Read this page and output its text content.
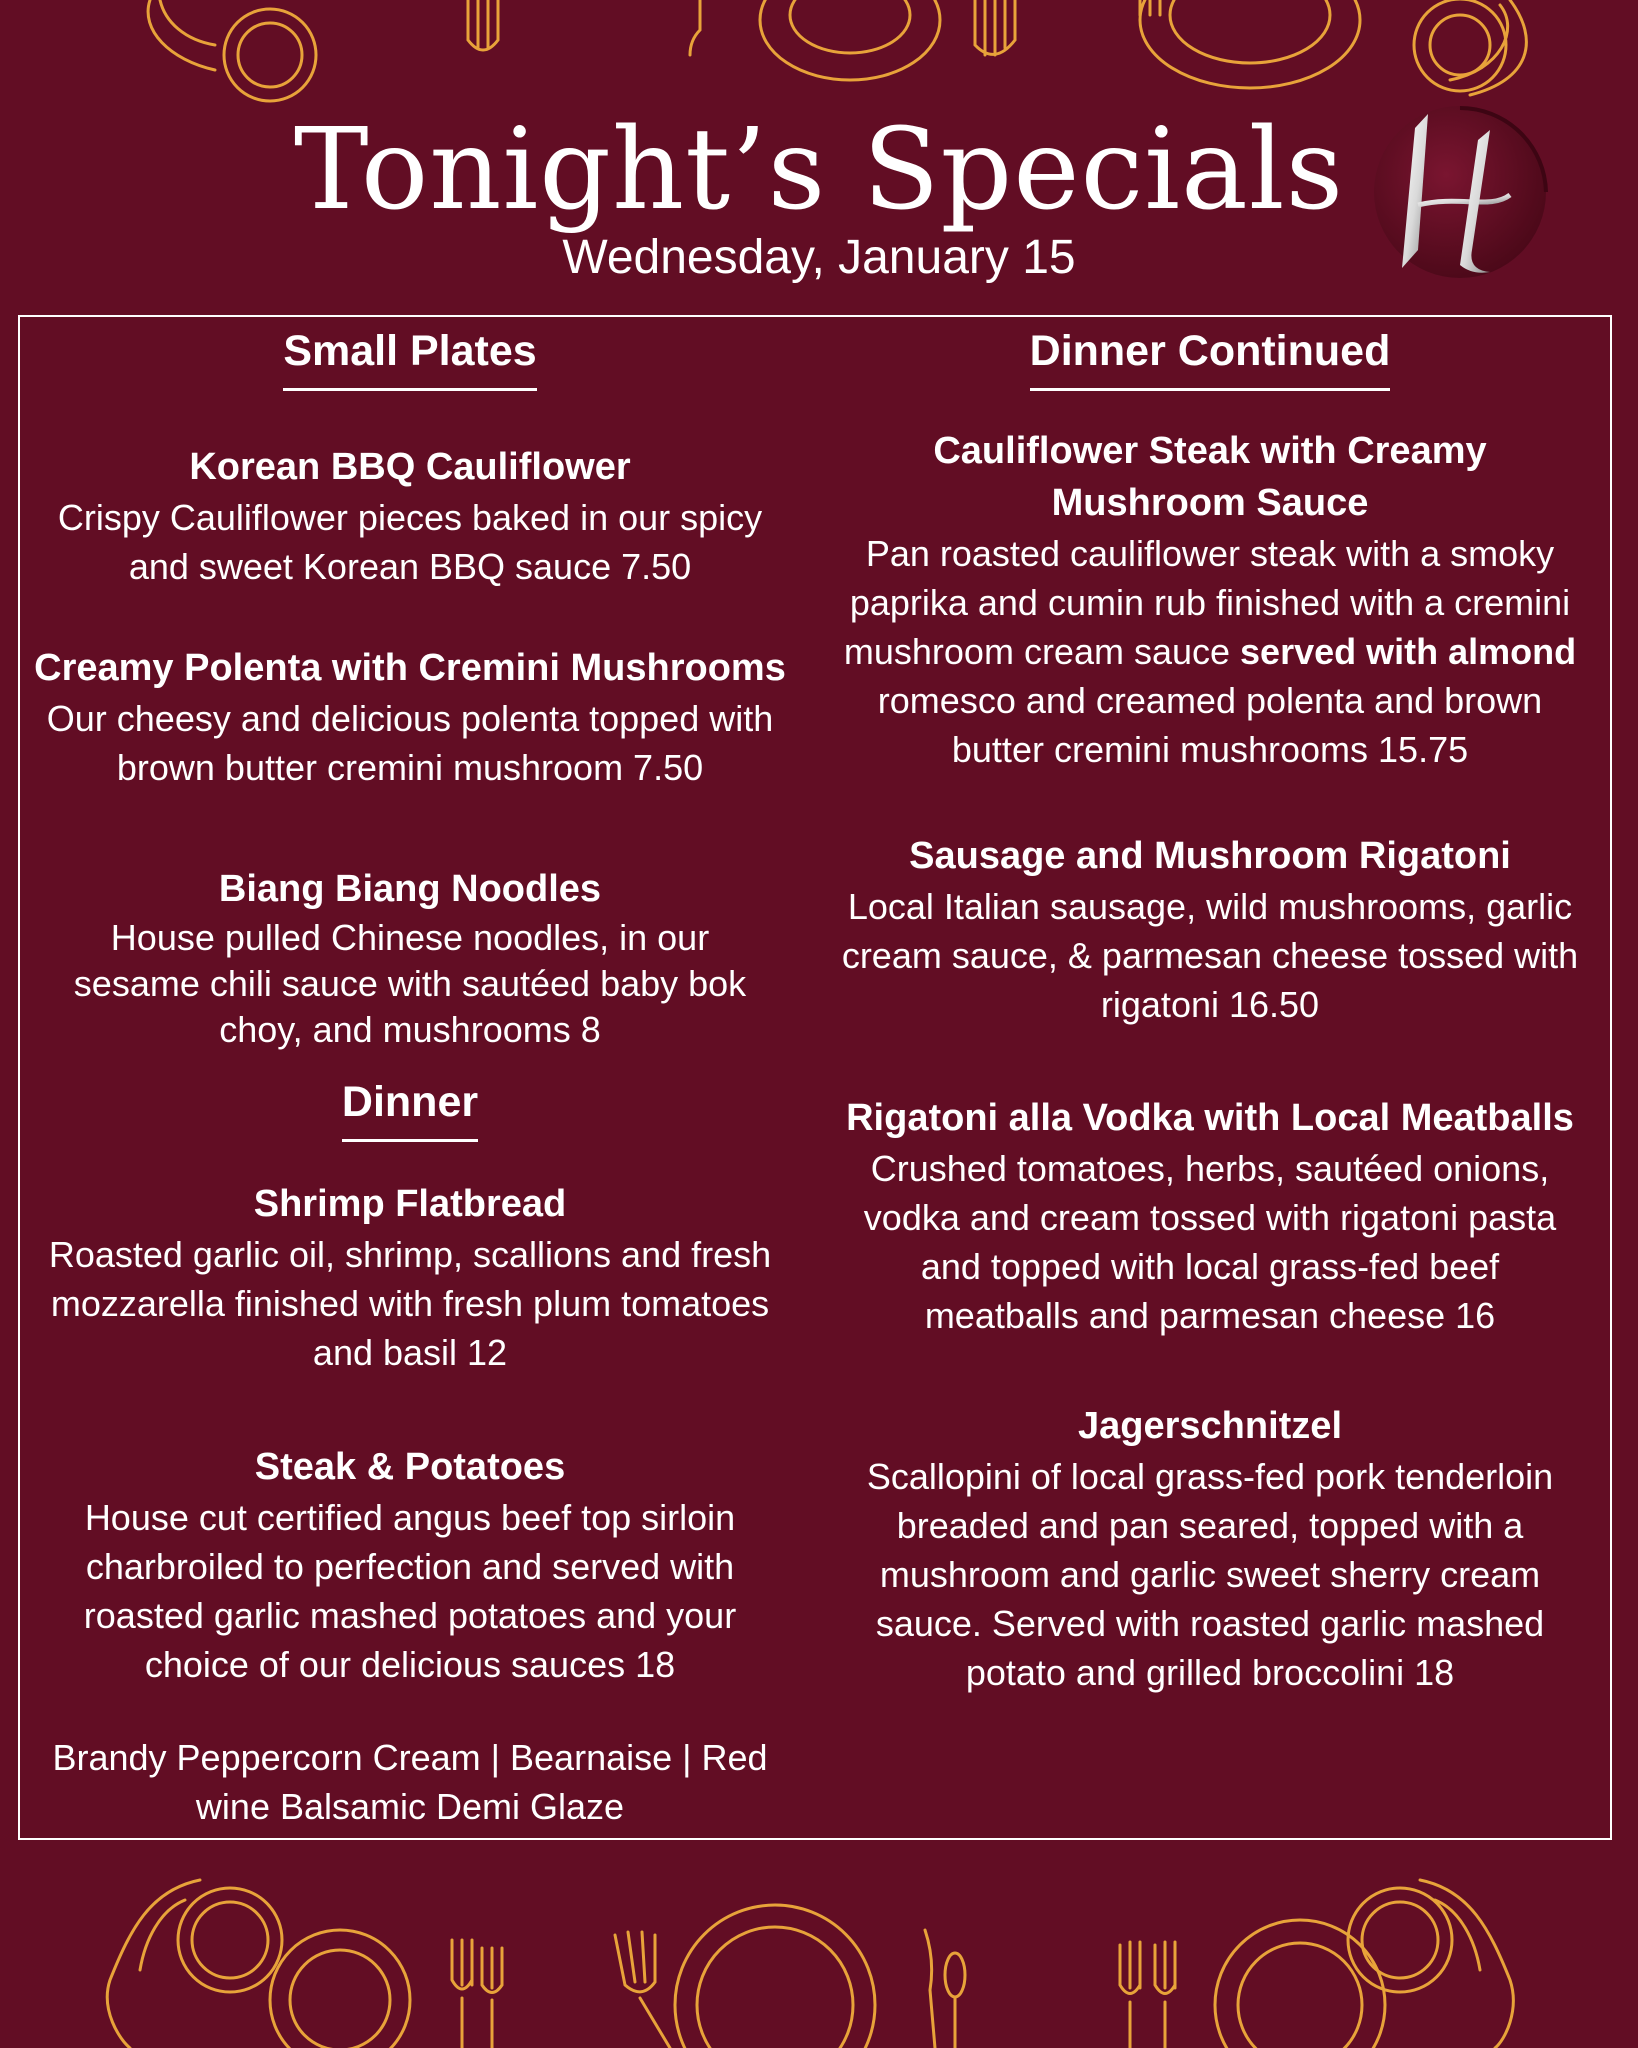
Tonight’s Specials
Wednesday, January 15
Small Plates

Korean BBQ Cauliflower

Crispy Cauliflower pieces baked in our spicy and sweet Korean BBQ sauce 7.50

Creamy Polenta with Cremini Mushrooms

Our cheesy and delicious polenta topped with brown butter cremini mushroom 7.50

Biang Biang Noodles

House pulled Chinese noodles, in our sesame chili sauce with sautéed baby bok choy, and mushrooms 8

Dinner

Shrimp Flatbread

Roasted garlic oil, shrimp, scallions and fresh mozzarella finished with fresh plum tomatoes and basil 12

Steak & Potatoes

House cut certified angus beef top sirloin charbroiled to perfection and served with roasted garlic mashed potatoes and your choice of our delicious sauces 18

Brandy Peppercorn Cream | Bearnaise | Red wine Balsamic Demi Glaze

Dinner Continued

Cauliflower Steak with Creamy Mushroom Sauce

Pan roasted cauliflower steak with a smoky paprika and cumin rub finished with a cremini mushroom cream sauce served with almond romesco and creamed polenta and brown butter cremini mushrooms 15.75

Sausage and Mushroom Rigatoni

Local Italian sausage, wild mushrooms, garlic cream sauce, & parmesan cheese tossed with rigatoni 16.50

Rigatoni alla Vodka with Local Meatballs

Crushed tomatoes, herbs, sautéed onions, vodka and cream tossed with rigatoni pasta and topped with local grass-fed beef meatballs and parmesan cheese 16

Jagerschnitzel

Scallopini of local grass-fed pork tenderloin breaded and pan seared, topped with a mushroom and garlic sweet sherry cream sauce. Served with roasted garlic mashed potato and grilled broccolini 18
